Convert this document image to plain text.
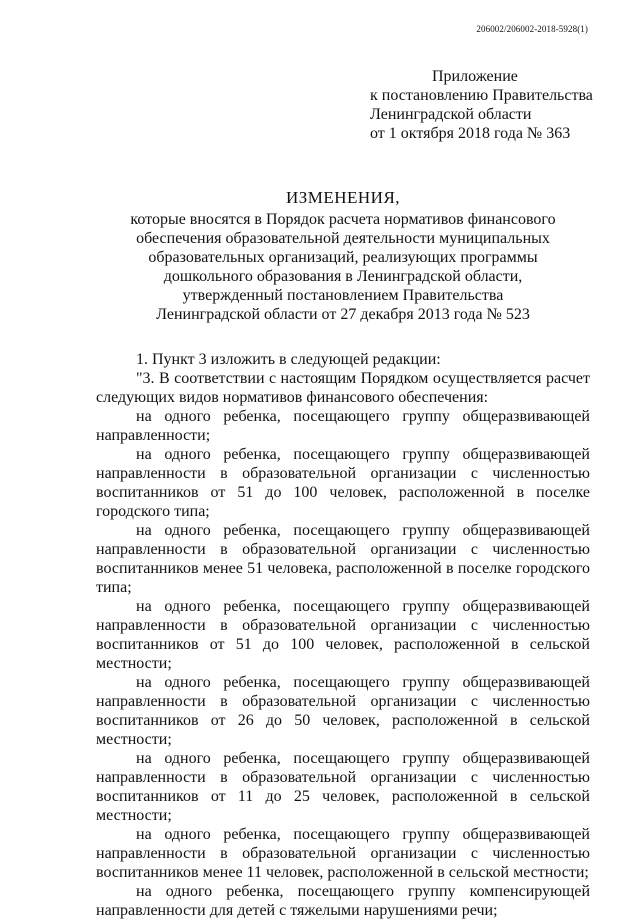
206002/206002-2018-5928(1)
Приложение
к постановлению Правительства
Ленинградской области
от 1 октября 2018 года № 363
ИЗМЕНЕНИЯ,
которые вносятся в Порядок расчета нормативов финансового
обеспечения образовательной деятельности муниципальных
образовательных организаций, реализующих программы
дошкольного образования в Ленинградской области,
утвержденный постановлением Правительства
Ленинградской области от 27 декабря 2013 года № 523

1. Пункт 3 изложить в следующей редакции:

"3. В соответствии с настоящим Порядком осуществляется расчет следующих видов нормативов финансового обеспечения:

на одного ребенка, посещающего группу общеразвивающей направленности;

на одного ребенка, посещающего группу общеразвивающей направленности в образовательной организации с численностью воспитанников от 51 до 100 человек, расположенной в поселке городского типа;

на одного ребенка, посещающего группу общеразвивающей направленности в образовательной организации с численностью воспитанников менее 51 человека, расположенной в поселке городского типа;

на одного ребенка, посещающего группу общеразвивающей направленности в образовательной организации с численностью воспитанников от 51 до 100 человек, расположенной в сельской местности;

на одного ребенка, посещающего группу общеразвивающей направленности в образовательной организации с численностью воспитанников от 26 до 50 человек, расположенной в сельской местности;

на одного ребенка, посещающего группу общеразвивающей направленности в образовательной организации с численностью воспитанников от 11 до 25 человек, расположенной в сельской местности;

на одного ребенка, посещающего группу общеразвивающей направленности в образовательной организации с численностью воспитанников менее 11 человек, расположенной в сельской местности;

на одного ребенка, посещающего группу компенсирующей направленности для детей с тяжелыми нарушениями речи;
